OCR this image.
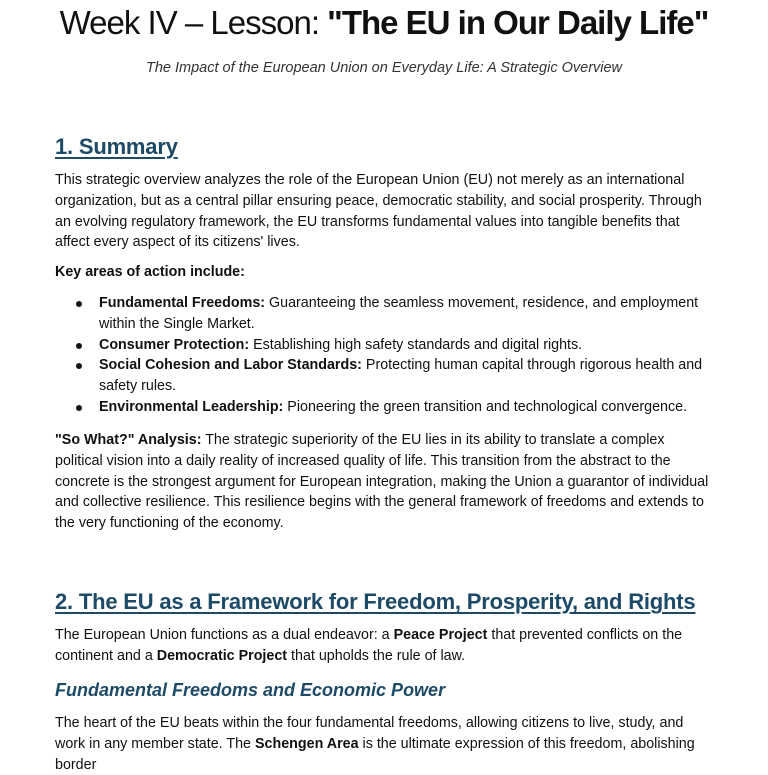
Week IV – Lesson: "The EU in Our Daily Life"
The Impact of the European Union on Everyday Life: A Strategic Overview
1. Summary

This strategic overview analyzes the role of the European Union (EU) not merely as an international organization, but as a central pillar ensuring peace, democratic stability, and social prosperity. Through an evolving regulatory framework, the EU transforms fundamental values into tangible benefits that affect every aspect of its citizens' lives.

Key areas of action include:

Fundamental Freedoms: Guaranteeing the seamless movement, residence, and employment within the Single Market.
Consumer Protection: Establishing high safety standards and digital rights.
Social Cohesion and Labor Standards: Protecting human capital through rigorous health and safety rules.
Environmental Leadership: Pioneering the green transition and technological convergence.

"So What?" Analysis: The strategic superiority of the EU lies in its ability to translate a complex political vision into a daily reality of increased quality of life. This transition from the abstract to the concrete is the strongest argument for European integration, making the Union a guarantor of individual and collective resilience. This resilience begins with the general framework of freedoms and extends to the very functioning of the economy.

2. The EU as a Framework for Freedom, Prosperity, and Rights

The European Union functions as a dual endeavor: a Peace Project that prevented conflicts on the continent and a Democratic Project that upholds the rule of law.

Fundamental Freedoms and Economic Power

The heart of the EU beats within the four fundamental freedoms, allowing citizens to live, study, and work in any member state. The Schengen Area is the ultimate expression of this freedom, abolishing border
